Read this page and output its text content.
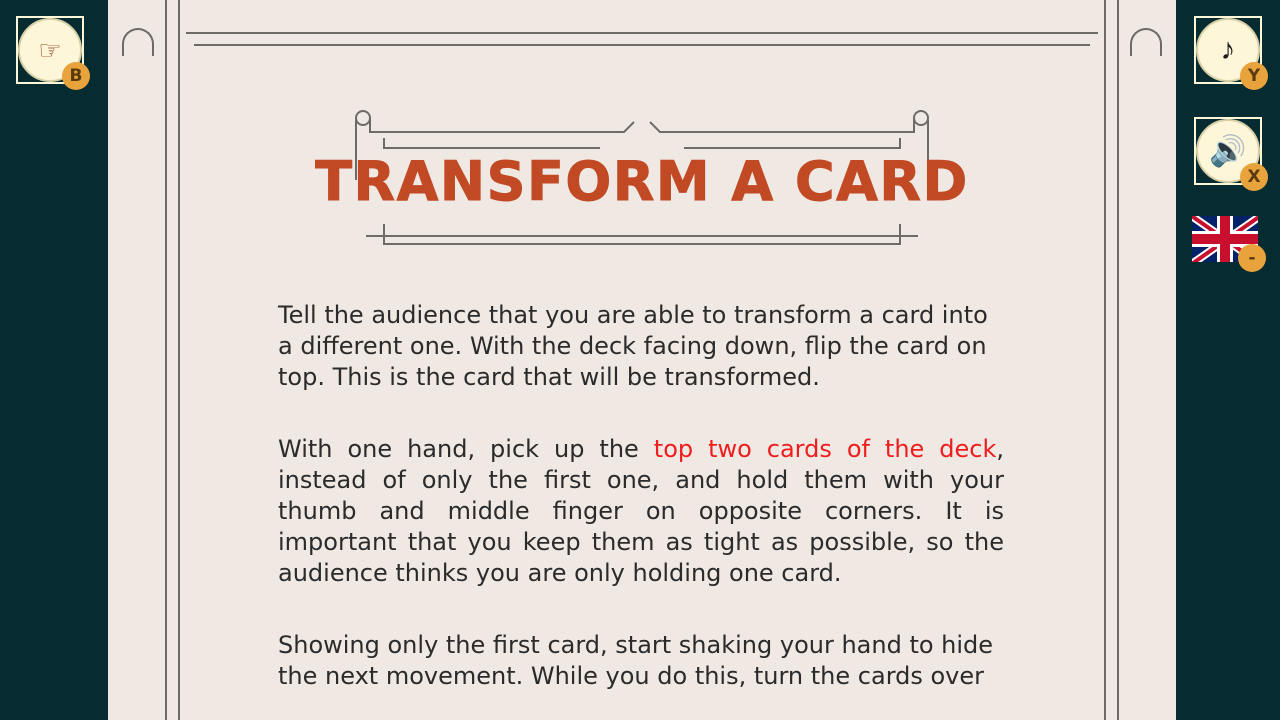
TRANSFORM A CARD

Tell the audience that you are able to transform a card into a different one. With the deck facing down, flip the card on top. This is the card that will be transformed.

With one hand, pick up the top two cards of the deck, instead of only the first one, and hold them with your thumb and middle finger on opposite corners. It is important that you keep them as tight as possible, so the audience thinks you are only holding one card.

Showing only the first card, start shaking your hand to hide the next movement. While you do this, turn the cards over

☞
B
♪
Y
🔊
X
-
